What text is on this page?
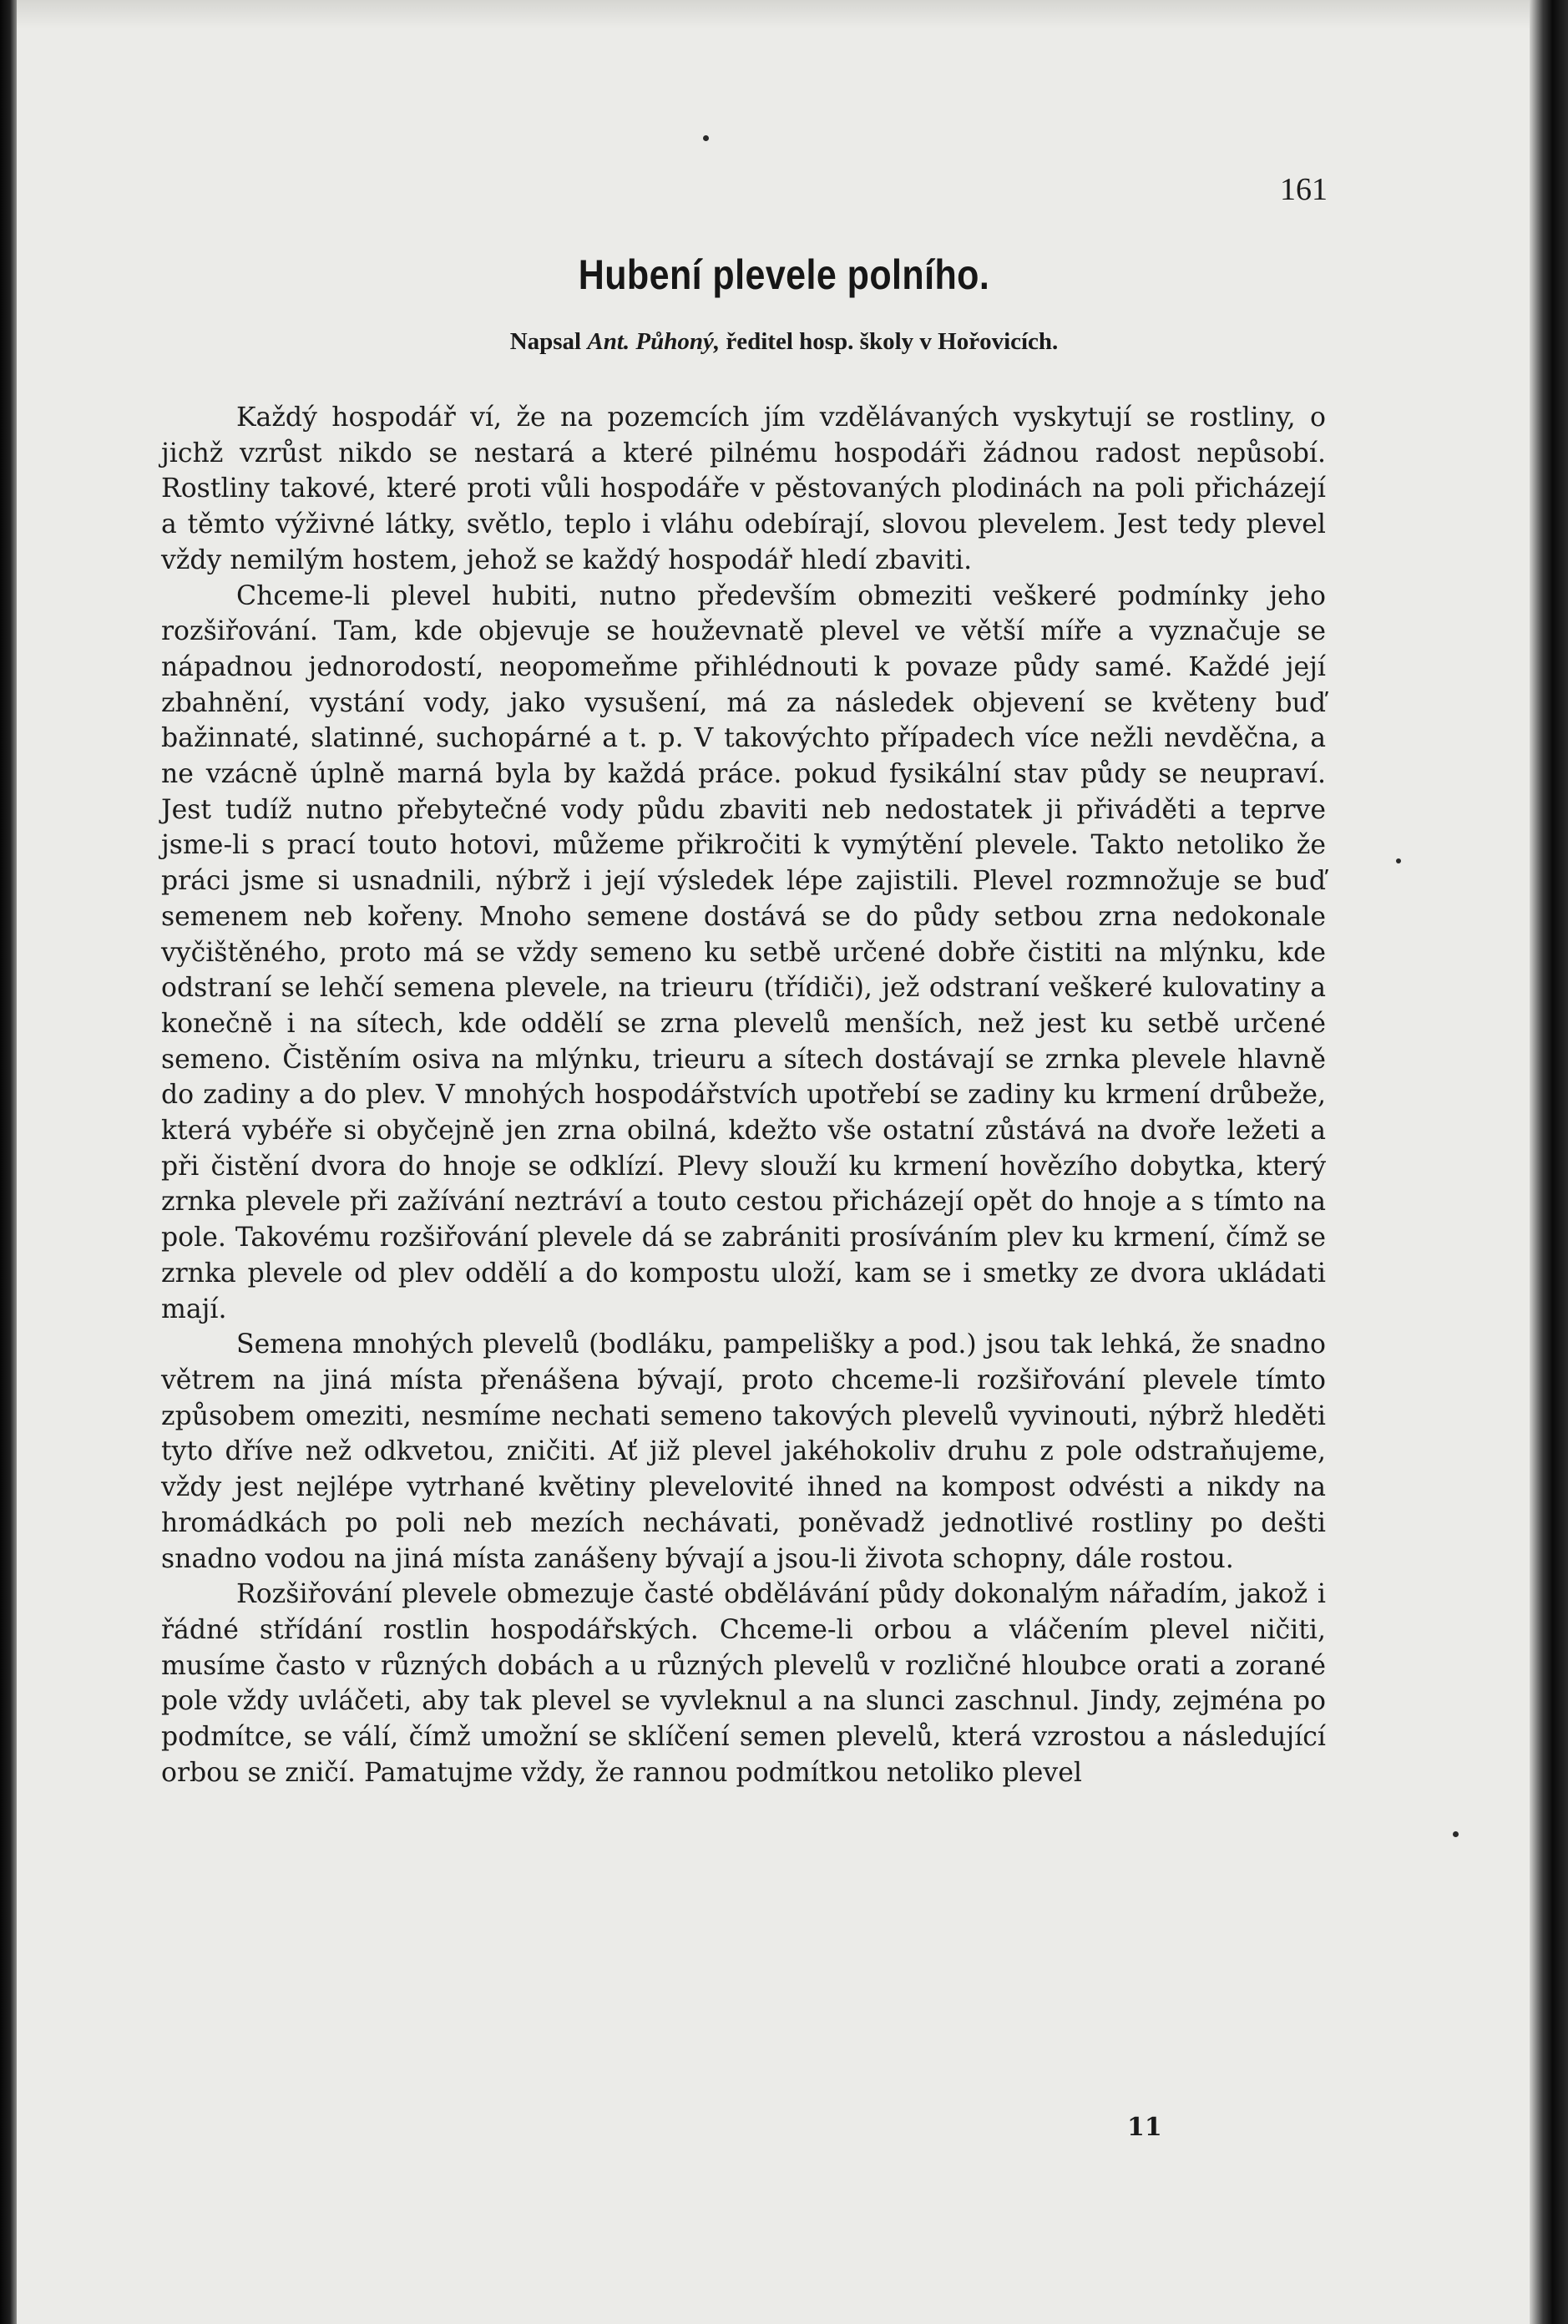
161
Hubení plevele polního.
Napsal Ant. Půhoný, ředitel hosp. školy v Hořovicích.

Každý hospodář ví, že na pozemcích jím vzdělávaných vyskytují se rostliny, o jichž vzrůst nikdo se nestará a které pilnému hospodáři žádnou radost nepůsobí. Rostliny takové, které proti vůli hospodáře v pěstovaných plodinách na poli přicházejí a těmto výživné látky, světlo, teplo i vláhu odebírají, slovou plevelem. Jest tedy plevel vždy nemilým hostem, jehož se každý hospodář hledí zbaviti.

Chceme-li plevel hubiti, nutno především obmeziti veškeré podmínky jeho rozšiřování. Tam, kde objevuje se houževnatě plevel ve větší míře a vyznačuje se nápadnou jednorodostí, neopomeňme přihlédnouti k povaze půdy samé. Každé její zbahnění, vystání vody, jako vysušení, má za následek objevení se květeny buď bažinnaté, slatinné, suchopárné a t. p. V takovýchto případech více nežli nevděčna, a ne vzácně úplně marná byla by každá práce. pokud fysikální stav půdy se neupraví. Jest tudíž nutno přebytečné vody půdu zbaviti neb nedostatek ji přiváděti a teprve jsme-li s prací touto hotovi, můžeme přikročiti k vymýtění plevele. Takto netoliko že práci jsme si usnadnili, nýbrž i její výsledek lépe zajistili. Plevel rozmnožuje se buď semenem neb kořeny. Mnoho semene dostává se do půdy setbou zrna nedokonale vyčištěného, proto má se vždy semeno ku setbě určené dobře čistiti na mlýnku, kde odstraní se lehčí semena plevele, na trieuru (třídiči), jež odstraní veškeré kulovatiny a konečně i na sítech, kde oddělí se zrna plevelů menších, než jest ku setbě určené semeno. Čistěním osiva na mlýnku, trieuru a sítech dostávají se zrnka plevele hlavně do zadiny a do plev. V mnohých hospodářstvích upotřebí se zadiny ku krmení drůbeže, která vybéře si obyčejně jen zrna obilná, kdežto vše ostatní zůstává na dvoře ležeti a při čistění dvora do hnoje se odklízí. Plevy slouží ku krmení hovězího dobytka, který zrnka plevele při zažívání neztráví a touto cestou přicházejí opět do hnoje a s tímto na pole. Takovému rozšiřování plevele dá se zabrániti prosíváním plev ku krmení, čímž se zrnka plevele od plev oddělí a do kompostu uloží, kam se i smetky ze dvora ukládati mají.

Semena mnohých plevelů (bodláku, pampelišky a pod.) jsou tak lehká, že snadno větrem na jiná místa přenášena bývají, proto chceme-li rozšiřování plevele tímto způsobem omeziti, nesmíme nechati semeno takových plevelů vyvinouti, nýbrž hleděti tyto dříve než odkvetou, zničiti. Ať již plevel jakéhokoliv druhu z pole odstraňujeme, vždy jest nejlépe vytrhané květiny plevelovité ihned na kompost odvésti a nikdy na hromádkách po poli neb mezích nechávati, poněvadž jednotlivé rostliny po dešti snadno vodou na jiná místa zanášeny bývají a jsou-li života schopny, dále rostou.

Rozšiřování plevele obmezuje časté obdělávání půdy dokonalým nářadím, jakož i řádné střídání rostlin hospodářských. Chceme-li orbou a vláčením plevel ničiti, musíme často v různých dobách a u různých plevelů v rozličné hloubce orati a zorané pole vždy uvláčeti, aby tak plevel se vyvleknul a na slunci zaschnul. Jindy, zejména po podmítce, se válí, čímž umožní se sklíčení semen plevelů, která vzrostou a následující orbou se zničí. Pamatujme vždy, že rannou podmítkou netoliko plevel

11
